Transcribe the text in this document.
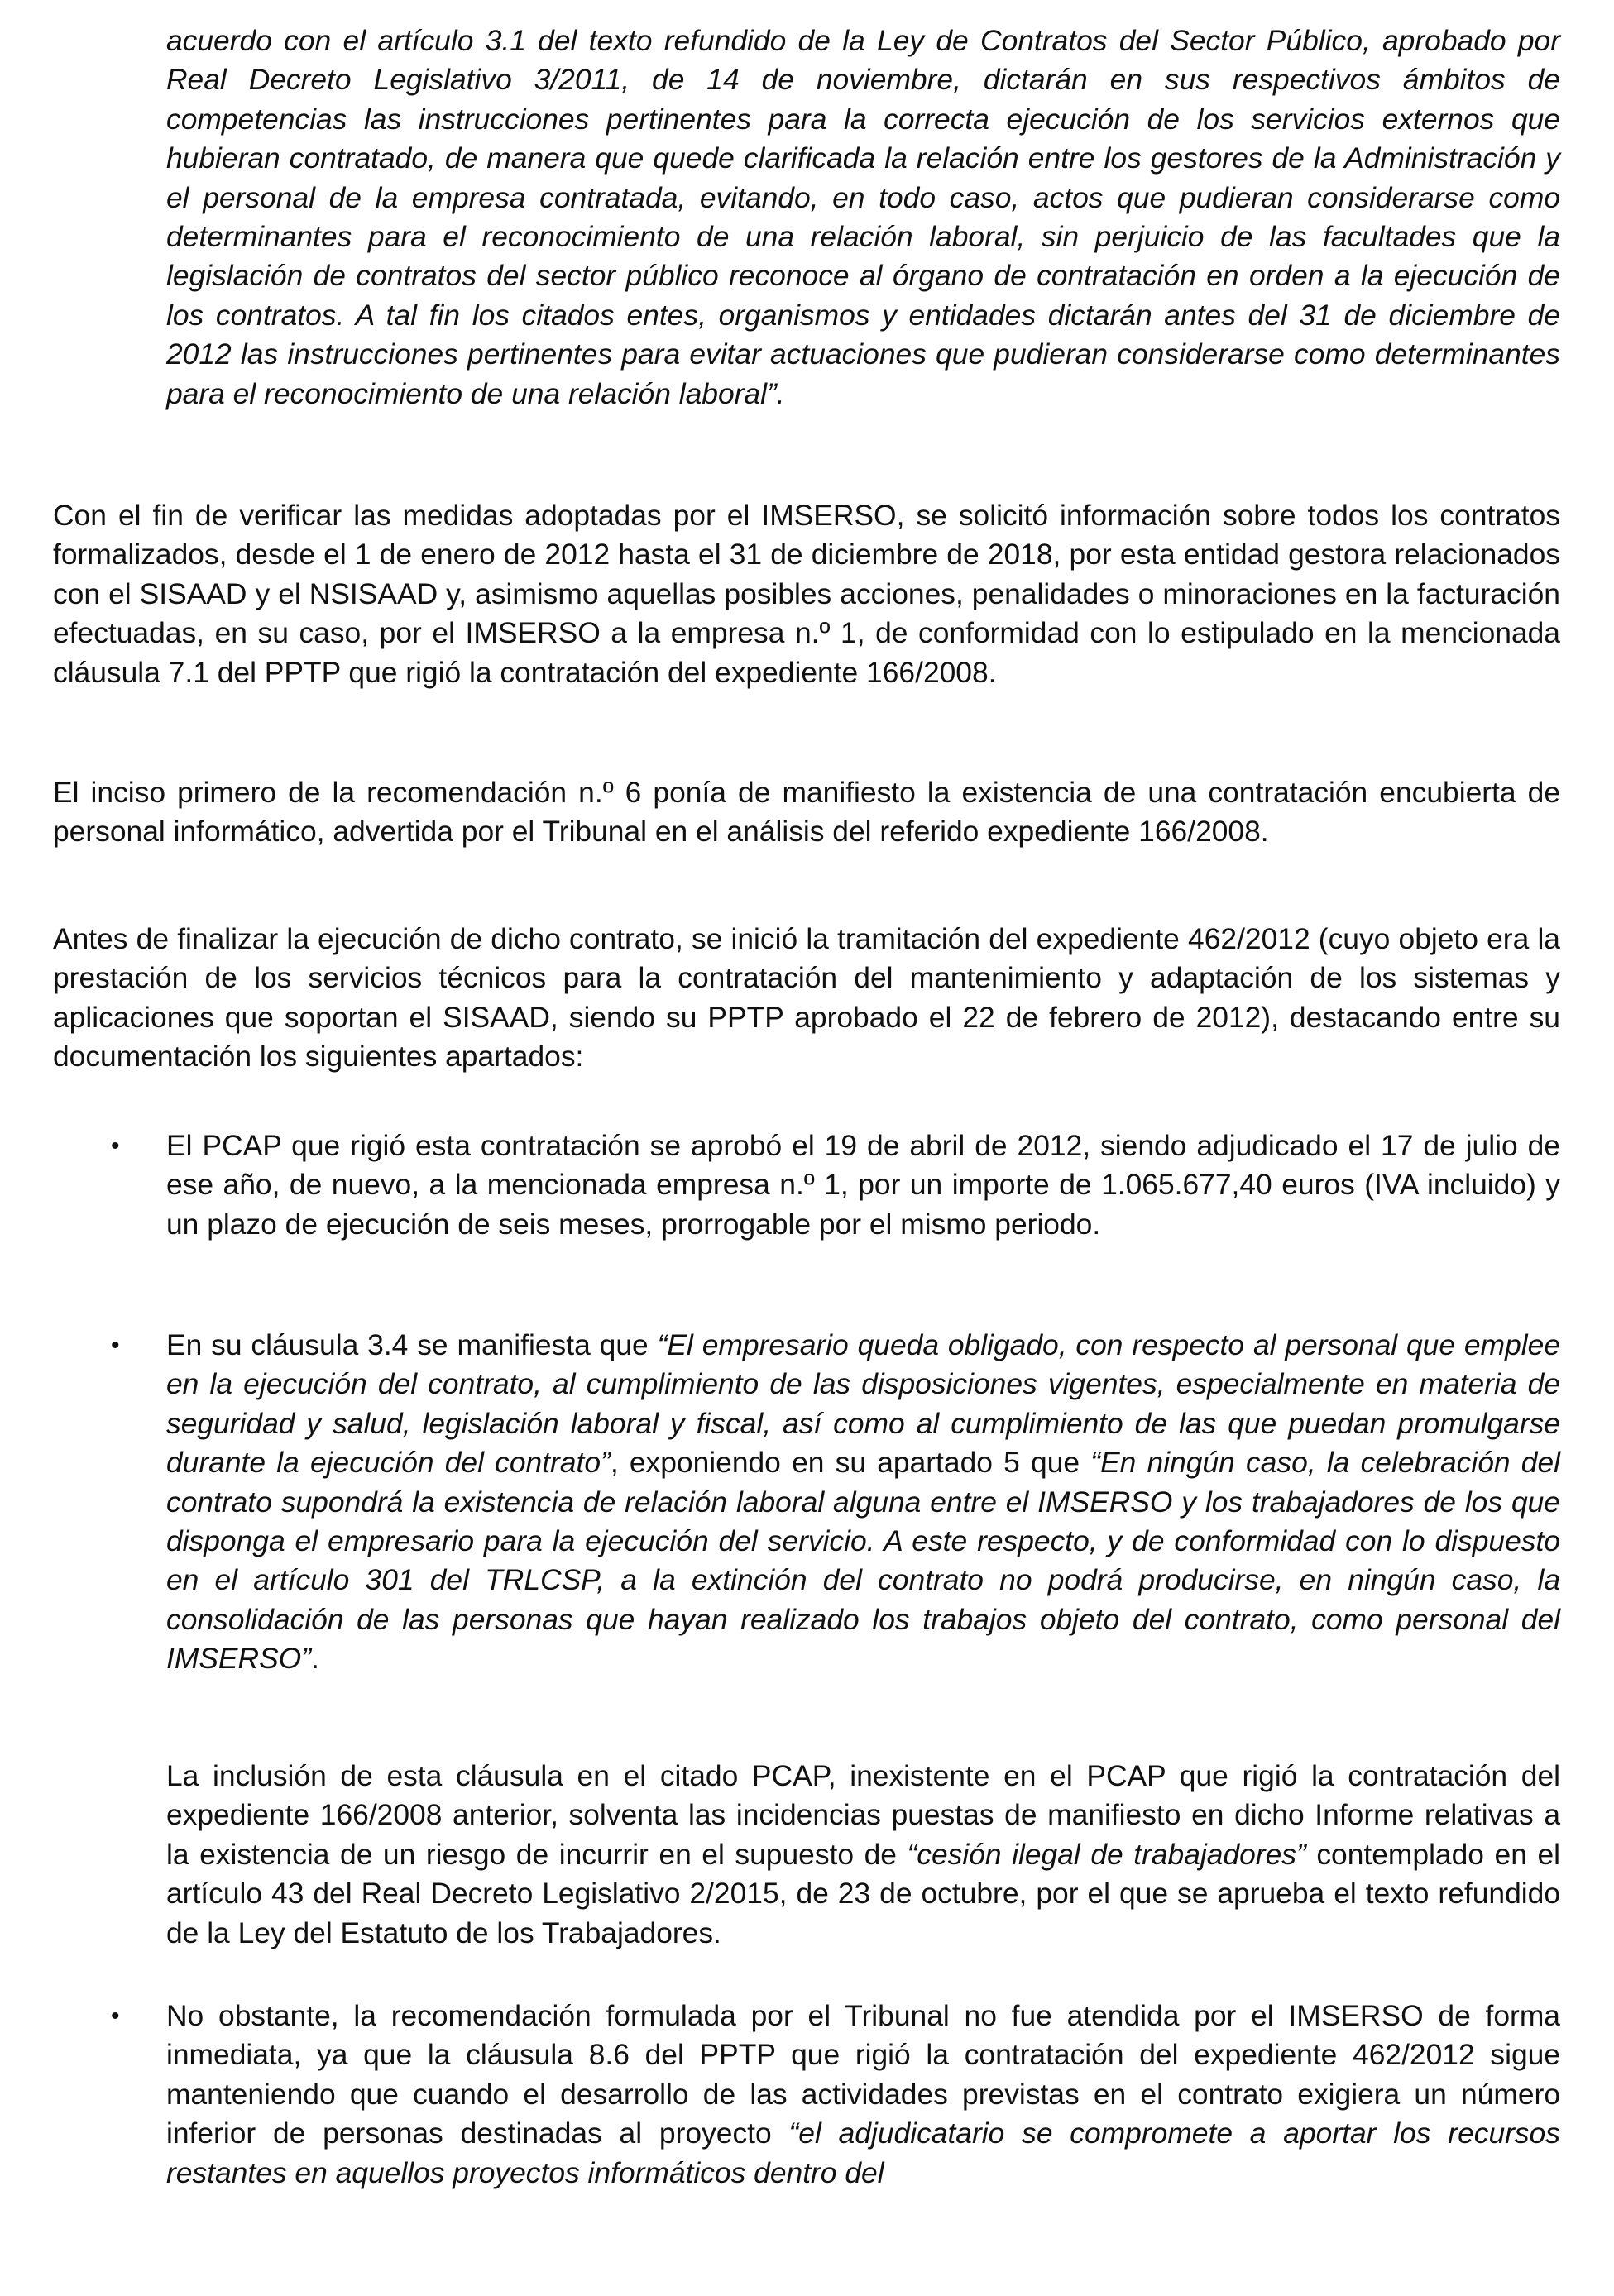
acuerdo con el artículo 3.1 del texto refundido de la Ley de Contratos del Sector Público, aprobado por Real Decreto Legislativo 3/2011, de 14 de noviembre, dictarán en sus respectivos ámbitos de competencias las instrucciones pertinentes para la correcta ejecución de los servicios externos que hubieran contratado, de manera que quede clarificada la relación entre los gestores de la Administración y el personal de la empresa contratada, evitando, en todo caso, actos que pudieran considerarse como determinantes para el reconocimiento de una relación laboral, sin perjuicio de las facultades que la legislación de contratos del sector público reconoce al órgano de contratación en orden a la ejecución de los contratos. A tal fin los citados entes, organismos y entidades dictarán antes del 31 de diciembre de 2012 las instrucciones pertinentes para evitar actuaciones que pudieran considerarse como determinantes para el reconocimiento de una relación laboral”.

Con el fin de verificar las medidas adoptadas por el IMSERSO, se solicitó información sobre todos los contratos formalizados, desde el 1 de enero de 2012 hasta el 31 de diciembre de 2018, por esta entidad gestora relacionados con el SISAAD y el NSISAAD y, asimismo aquellas posibles acciones, penalidades o minoraciones en la facturación efectuadas, en su caso, por el IMSERSO a la empresa n.º 1, de conformidad con lo estipulado en la mencionada cláusula 7.1 del PPTP que rigió la contratación del expediente 166/2008.

El inciso primero de la recomendación n.º 6 ponía de manifiesto la existencia de una contratación encubierta de personal informático, advertida por el Tribunal en el análisis del referido expediente 166/2008.

Antes de finalizar la ejecución de dicho contrato, se inició la tramitación del expediente 462/2012 (cuyo objeto era la prestación de los servicios técnicos para la contratación del mantenimiento y adaptación de los sistemas y aplicaciones que soportan el SISAAD, siendo su PPTP aprobado el 22 de febrero de 2012), destacando entre su documentación los siguientes apartados:

•	El PCAP que rigió esta contratación se aprobó el 19 de abril de 2012, siendo adjudicado el 17 de julio de ese año, de nuevo, a la mencionada empresa n.º 1, por un importe de 1.065.677,40 euros (IVA incluido) y un plazo de ejecución de seis meses, prorrogable por el mismo periodo.

•	En su cláusula 3.4 se manifiesta que “El empresario queda obligado, con respecto al personal que emplee en la ejecución del contrato, al cumplimiento de las disposiciones vigentes, especialmente en materia de seguridad y salud, legislación laboral y fiscal, así como al cumplimiento de las que puedan promulgarse durante la ejecución del contrato”, exponiendo en su apartado 5 que “En ningún caso, la celebración del contrato supondrá la existencia de relación laboral alguna entre el IMSERSO y los trabajadores de los que disponga el empresario para la ejecución del servicio. A este respecto, y de conformidad con lo dispuesto en el artículo 301 del TRLCSP, a la extinción del contrato no podrá producirse, en ningún caso, la consolidación de las personas que hayan realizado los trabajos objeto del contrato, como personal del IMSERSO”.

La inclusión de esta cláusula en el citado PCAP, inexistente en el PCAP que rigió la contratación del expediente 166/2008 anterior, solventa las incidencias puestas de manifiesto en dicho Informe relativas a la existencia de un riesgo de incurrir en el supuesto de “cesión ilegal de trabajadores” contemplado en el artículo 43 del Real Decreto Legislativo 2/2015, de 23 de octubre, por el que se aprueba el texto refundido de la Ley del Estatuto de los Trabajadores.

•	No obstante, la recomendación formulada por el Tribunal no fue atendida por el IMSERSO de forma inmediata, ya que la cláusula 8.6 del PPTP que rigió la contratación del expediente 462/2012 sigue manteniendo que cuando el desarrollo de las actividades previstas en el contrato exigiera un número inferior de personas destinadas al proyecto “el adjudicatario se compromete a aportar los recursos restantes en aquellos proyectos informáticos dentro del
